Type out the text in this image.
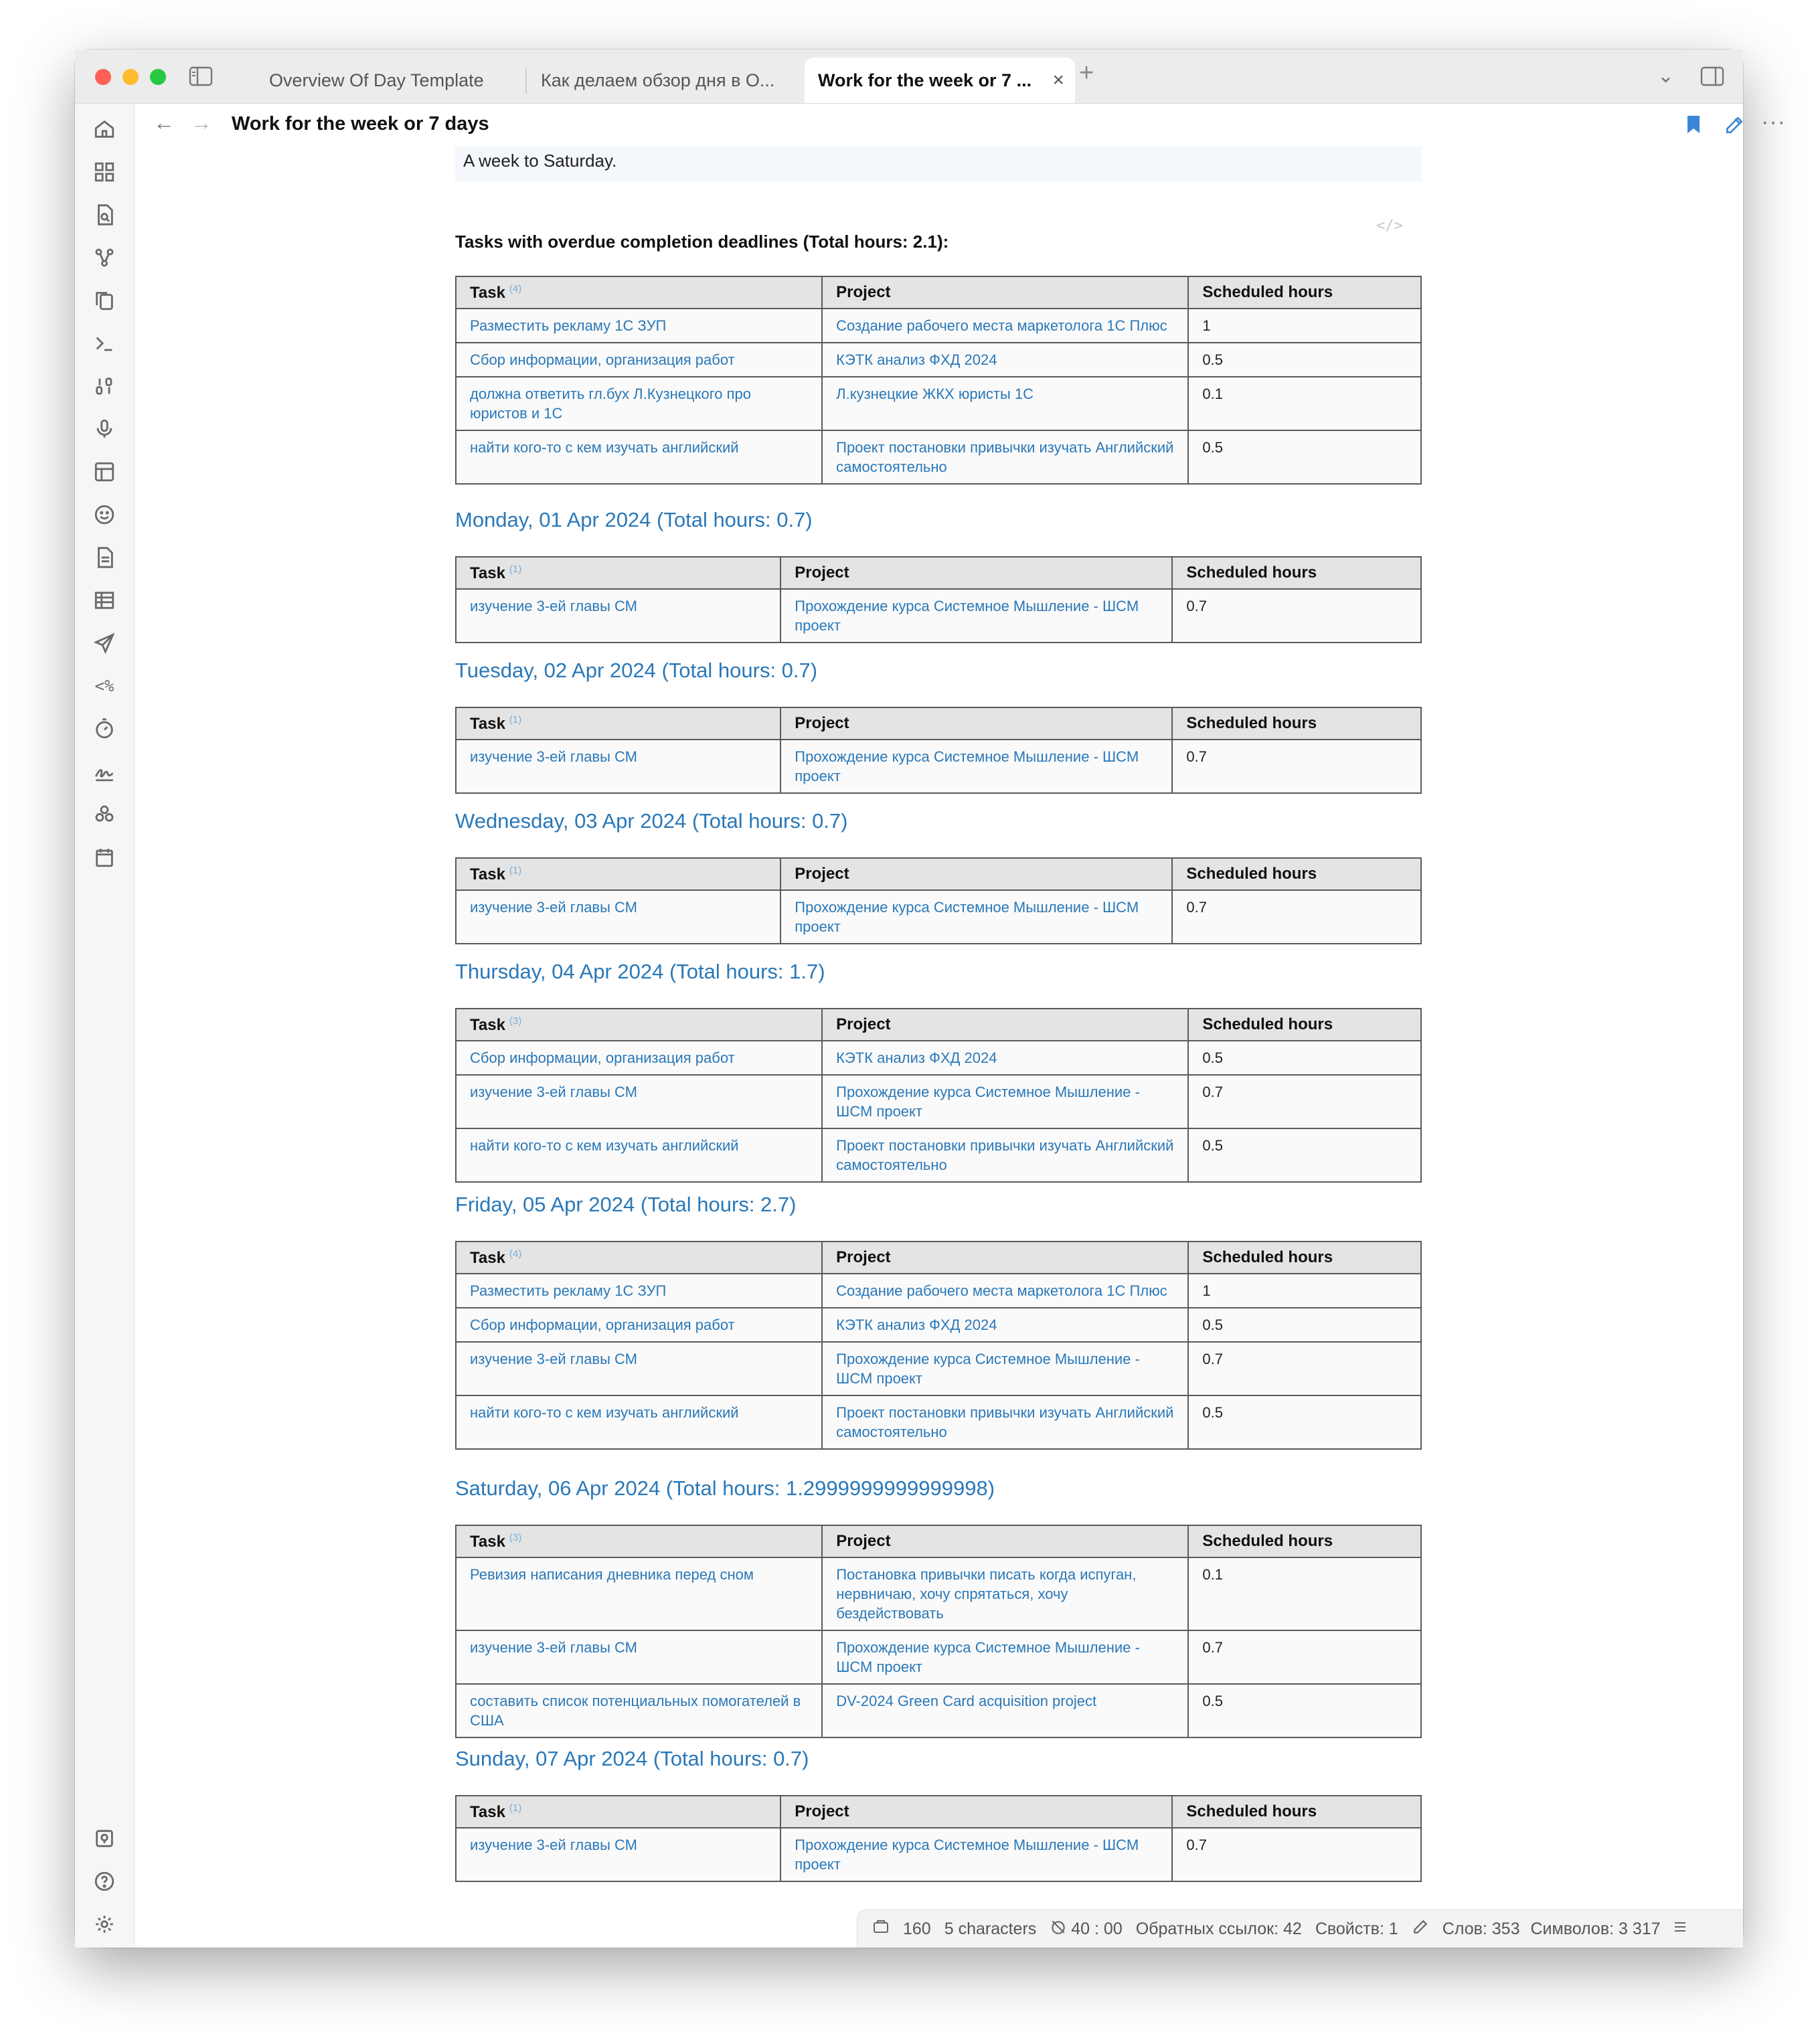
Overview Of Day Template	Как делаем обзор дня в О...	Work for the week or 7 ... × +	⌄
<%
← → Work for the week or 7 days	···
A week to Saturday.
</>
Tasks with overdue completion deadlines (Total hours: 2.1):
Task $^{(4)}$	Project	Scheduled hours
Разместить рекламу 1С ЗУП	Создание рабочего места маркетолога 1С Плюс	1
Сбор информации, организация работ	КЭТК анализ ФХД 2024	0.5
должна ответить гл.бух Л.Кузнецкого про юристов и 1С	Л.кузнецкие ЖКХ юристы 1С	0.1
найти кого-то с кем изучать английский	Проект постановки привычки изучать Английский самостоятельно	0.5
Monday, 01 Apr 2024 (Total hours: 0.7)
Task $^{(1)}$	Project	Scheduled hours
изучение 3-ей главы СМ	Прохождение курса Системное Мышление - ШСМ проект	0.7
Tuesday, 02 Apr 2024 (Total hours: 0.7)
Task $^{(1)}$	Project	Scheduled hours
изучение 3-ей главы СМ	Прохождение курса Системное Мышление - ШСМ проект	0.7
Wednesday, 03 Apr 2024 (Total hours: 0.7)
Task $^{(1)}$	Project	Scheduled hours
изучение 3-ей главы СМ	Прохождение курса Системное Мышление - ШСМ проект	0.7
Thursday, 04 Apr 2024 (Total hours: 1.7)
Task $^{(3)}$	Project	Scheduled hours
Сбор информации, организация работ	КЭТК анализ ФХД 2024	0.5
изучение 3-ей главы СМ	Прохождение курса Системное Мышление - ШСМ проект	0.7
найти кого-то с кем изучать английский	Проект постановки привычки изучать Английский самостоятельно	0.5
Friday, 05 Apr 2024 (Total hours: 2.7)
Task $^{(4)}$	Project	Scheduled hours
Разместить рекламу 1С ЗУП	Создание рабочего места маркетолога 1С Плюс	1
Сбор информации, организация работ	КЭТК анализ ФХД 2024	0.5
изучение 3-ей главы СМ	Прохождение курса Системное Мышление - ШСМ проект	0.7
найти кого-то с кем изучать английский	Проект постановки привычки изучать Английский самостоятельно	0.5
Saturday, 06 Apr 2024 (Total hours: 1.2999999999999998)
Task $^{(3)}$	Project	Scheduled hours
Ревизия написания дневника перед сном	Постановка привычки писать когда испуган, нервничаю, хочу спрятаться, хочу бездействовать	0.1
изучение 3-ей главы СМ	Прохождение курса Системное Мышление - ШСМ проект	0.7
составить список потенциальных помогателей в США	DV-2024 Green Card acquisition project	0.5
Sunday, 07 Apr 2024 (Total hours: 0.7)
Task $^{(1)}$	Project	Scheduled hours
изучение 3-ей главы СМ	Прохождение курса Системное Мышление - ШСМ проект	0.7
160 5 characters 40 : 00 Обратных ссылок: 42 Свойств: 1	Слов: 353 Символов: 3 317
